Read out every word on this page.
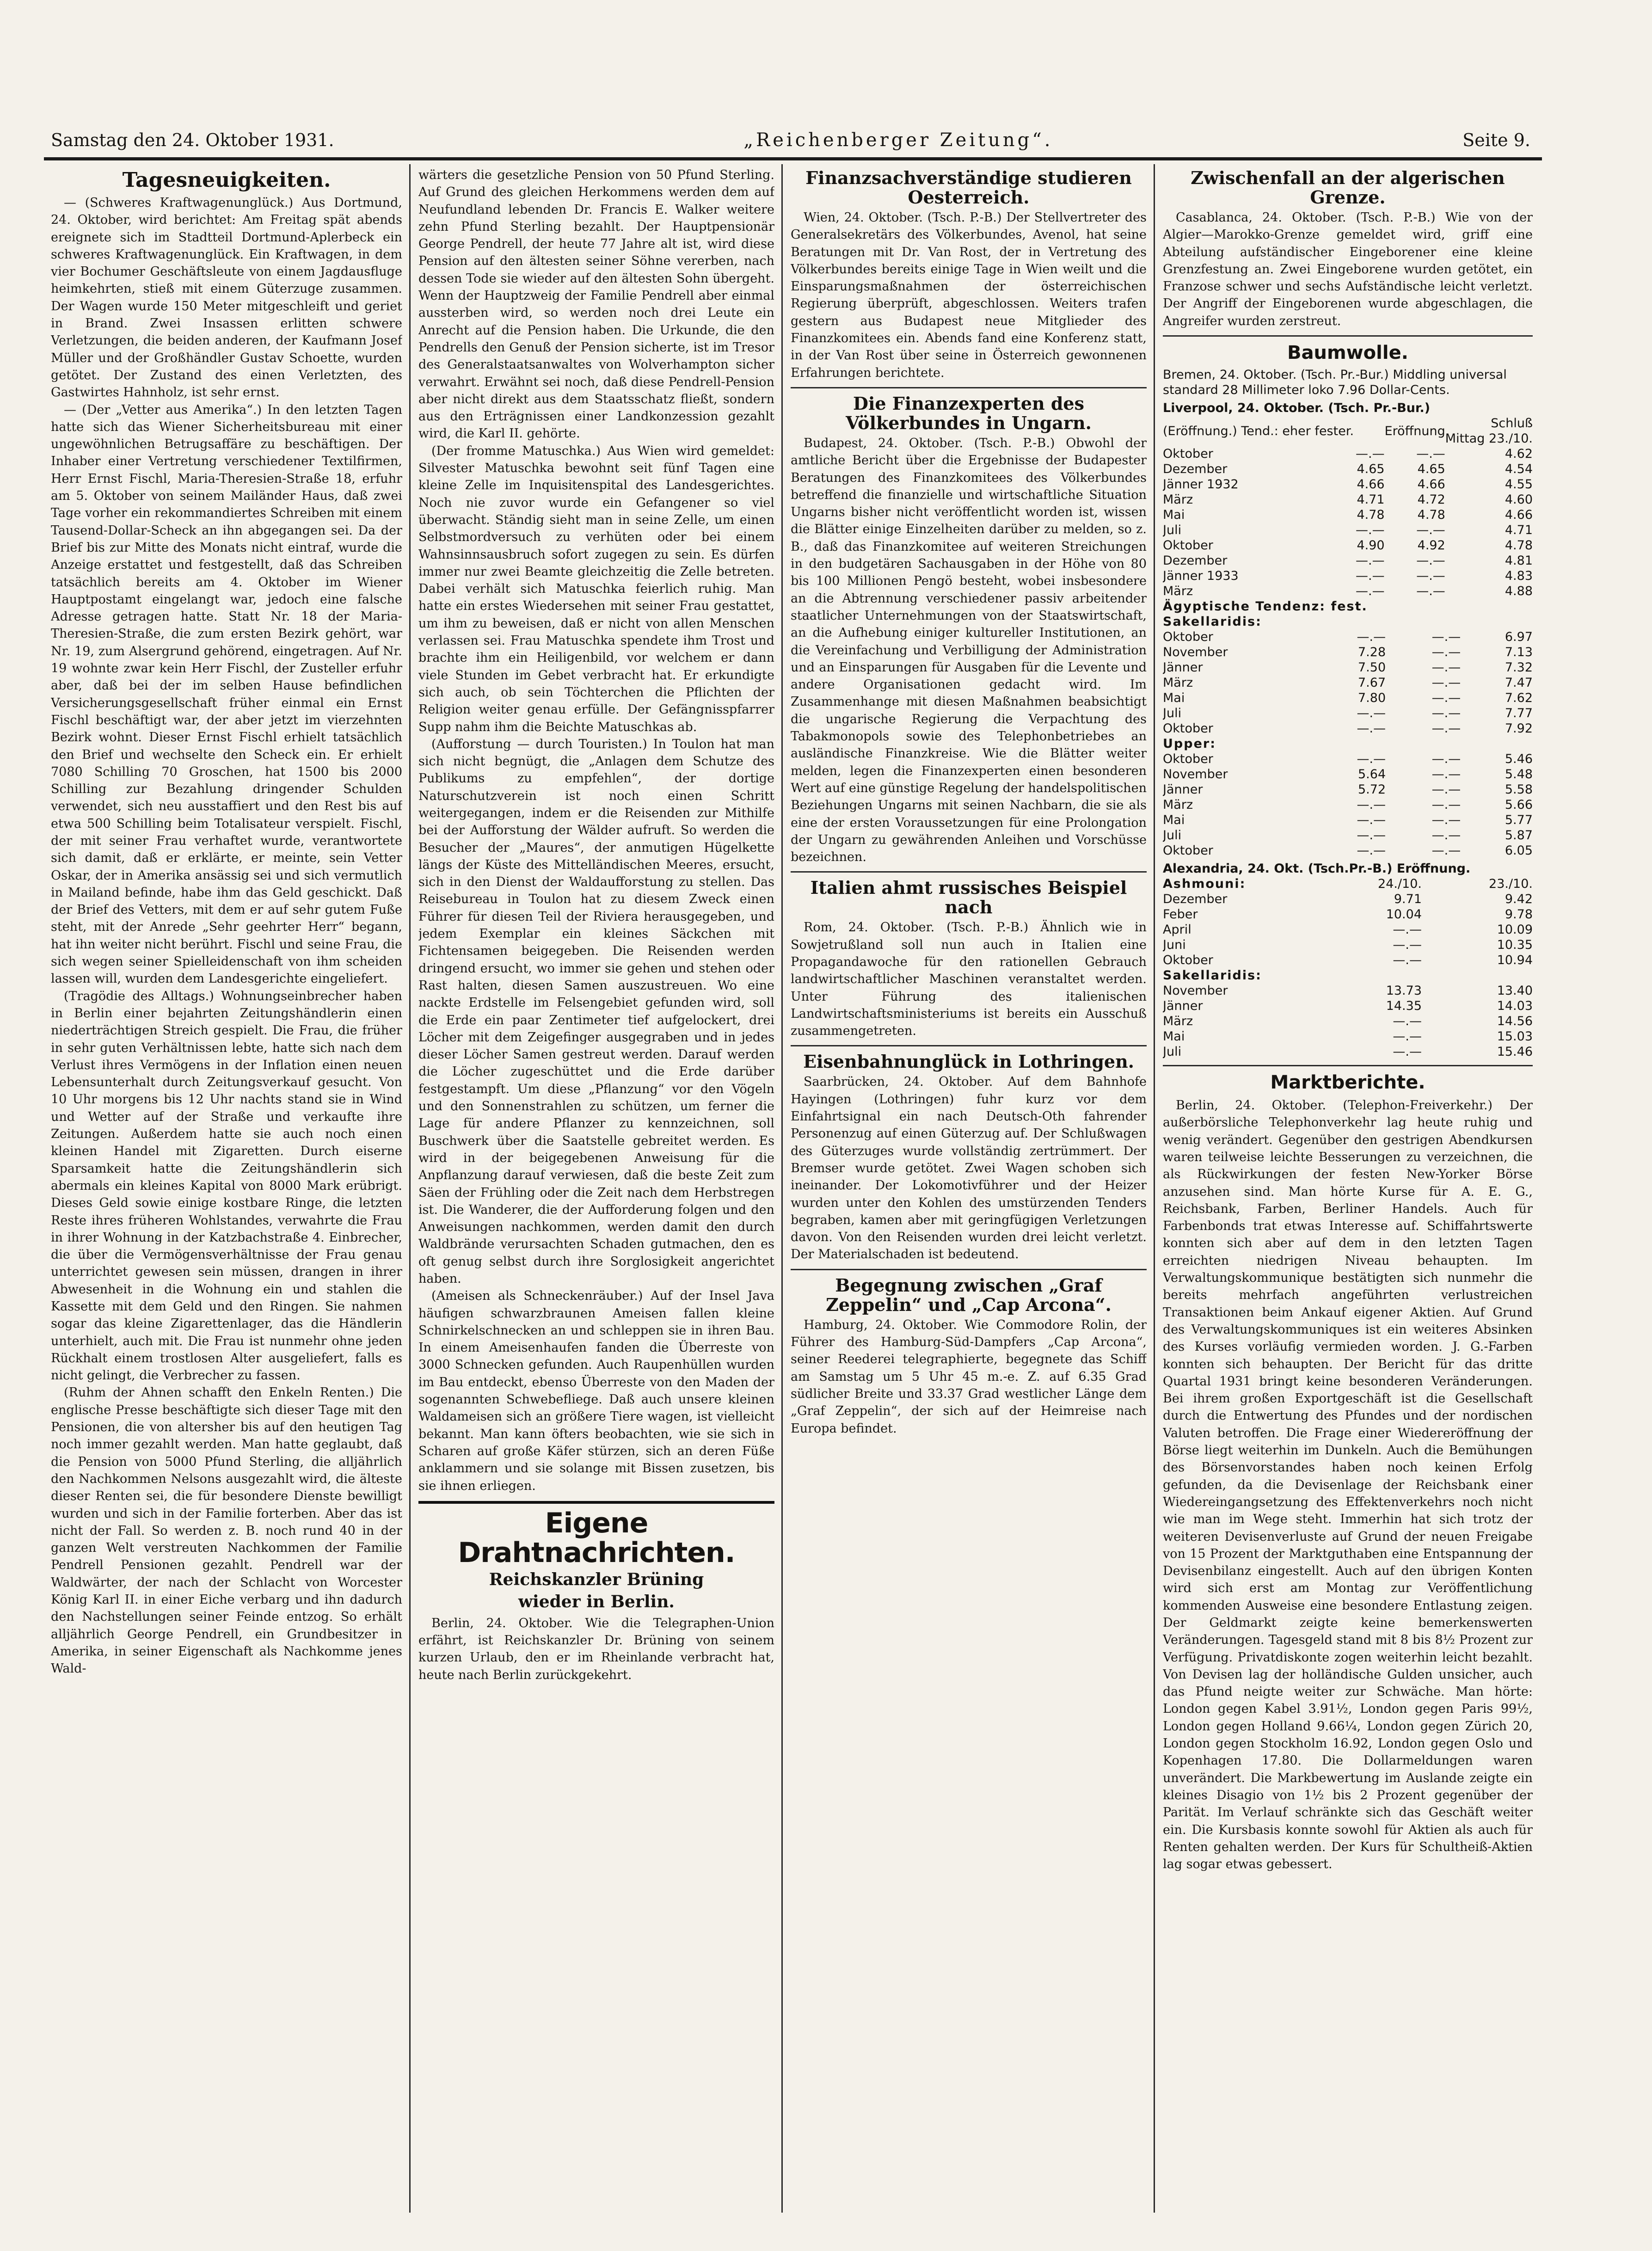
Samstag den 24. Oktober 1931.	„Reichenberger Zeitung“.	Seite 9.
Tagesneuigkeiten.

— (Schweres Kraftwagenunglück.) Aus Dortmund, 24. Oktober, wird berichtet: Am Freitag spät abends ereignete sich im Stadtteil Dortmund-Aplerbeck ein schweres Kraftwagenunglück. Ein Kraftwagen, in dem vier Bochumer Geschäftsleute von einem Jagdausfluge heimkehrten, stieß mit einem Güterzuge zusammen. Der Wagen wurde 150 Meter mitgeschleift und geriet in Brand. Zwei Insassen erlitten schwere Verletzungen, die beiden anderen, der Kaufmann Josef Müller und der Großhändler Gustav Schoette, wurden getötet. Der Zustand des einen Verletzten, des Gastwirtes Hahnholz, ist sehr ernst.

— (Der „Vetter aus Amerika“.) In den letzten Tagen hatte sich das Wiener Sicherheitsbureau mit einer ungewöhnlichen Betrugsaffäre zu beschäftigen. Der Inhaber einer Vertretung verschiedener Textilfirmen, Herr Ernst Fischl, Maria-Theresien-Straße 18, erfuhr am 5. Oktober von seinem Mailänder Haus, daß zwei Tage vorher ein rekommandiertes Schreiben mit einem Tausend-Dollar-Scheck an ihn abgegangen sei. Da der Brief bis zur Mitte des Monats nicht eintraf, wurde die Anzeige erstattet und festgestellt, daß das Schreiben tatsächlich bereits am 4. Oktober im Wiener Hauptpostamt eingelangt war, jedoch eine falsche Adresse getragen hatte. Statt Nr. 18 der Maria-Theresien-Straße, die zum ersten Bezirk gehört, war Nr. 19, zum Alsergrund gehörend, eingetragen. Auf Nr. 19 wohnte zwar kein Herr Fischl, der Zusteller erfuhr aber, daß bei der im selben Hause befindlichen Versicherungsgesellschaft früher einmal ein Ernst Fischl beschäftigt war, der aber jetzt im vierzehnten Bezirk wohnt. Dieser Ernst Fischl erhielt tatsächlich den Brief und wechselte den Scheck ein. Er erhielt 7080 Schilling 70 Groschen, hat 1500 bis 2000 Schilling zur Bezahlung dringender Schulden verwendet, sich neu ausstaffiert und den Rest bis auf etwa 500 Schilling beim Totalisateur verspielt. Fischl, der mit seiner Frau verhaftet wurde, verantwortete sich damit, daß er erklärte, er meinte, sein Vetter Oskar, der in Amerika ansässig sei und sich vermutlich in Mailand befinde, habe ihm das Geld geschickt. Daß der Brief des Vetters, mit dem er auf sehr gutem Fuße steht, mit der Anrede „Sehr geehrter Herr“ begann, hat ihn weiter nicht berührt. Fischl und seine Frau, die sich wegen seiner Spielleidenschaft von ihm scheiden lassen will, wurden dem Landesgerichte eingeliefert.

(Tragödie des Alltags.) Wohnungseinbrecher haben in Berlin einer bejahrten Zeitungshändlerin einen niederträchtigen Streich gespielt. Die Frau, die früher in sehr guten Verhältnissen lebte, hatte sich nach dem Verlust ihres Vermögens in der Inflation einen neuen Lebensunterhalt durch Zeitungsverkauf gesucht. Von 10 Uhr morgens bis 12 Uhr nachts stand sie in Wind und Wetter auf der Straße und verkaufte ihre Zeitungen. Außerdem hatte sie auch noch einen kleinen Handel mit Zigaretten. Durch eiserne Sparsamkeit hatte die Zeitungshändlerin sich abermals ein kleines Kapital von 8000 Mark erübrigt. Dieses Geld sowie einige kostbare Ringe, die letzten Reste ihres früheren Wohlstandes, verwahrte die Frau in ihrer Wohnung in der Katzbachstraße 4. Einbrecher, die über die Vermögensverhältnisse der Frau genau unterrichtet gewesen sein müssen, drangen in ihrer Abwesenheit in die Wohnung ein und stahlen die Kassette mit dem Geld und den Ringen. Sie nahmen sogar das kleine Zigarettenlager, das die Händlerin unterhielt, auch mit. Die Frau ist nunmehr ohne jeden Rückhalt einem trostlosen Alter ausgeliefert, falls es nicht gelingt, die Verbrecher zu fassen.

(Ruhm der Ahnen schafft den Enkeln Renten.) Die englische Presse beschäftigte sich dieser Tage mit den Pensionen, die von altersher bis auf den heutigen Tag noch immer gezahlt werden. Man hatte geglaubt, daß die Pension von 5000 Pfund Sterling, die alljährlich den Nachkommen Nelsons ausgezahlt wird, die älteste dieser Renten sei, die für besondere Dienste bewilligt wurden und sich in der Familie forterben. Aber das ist nicht der Fall. So werden z. B. noch rund 40 in der ganzen Welt verstreuten Nachkommen der Familie Pendrell Pensionen gezahlt. Pendrell war der Waldwärter, der nach der Schlacht von Worcester König Karl II. in einer Eiche verbarg und ihn dadurch den Nachstellungen seiner Feinde entzog. So erhält alljährlich George Pendrell, ein Grundbesitzer in Amerika, in seiner Eigenschaft als Nachkomme jenes Wald-

wärters die gesetzliche Pension von 50 Pfund Sterling. Auf Grund des gleichen Herkommens werden dem auf Neufundland lebenden Dr. Francis E. Walker weitere zehn Pfund Sterling bezahlt. Der Hauptpensionär George Pendrell, der heute 77 Jahre alt ist, wird diese Pension auf den ältesten seiner Söhne vererben, nach dessen Tode sie wieder auf den ältesten Sohn übergeht. Wenn der Hauptzweig der Familie Pendrell aber einmal aussterben wird, so werden noch drei Leute ein Anrecht auf die Pension haben. Die Urkunde, die den Pendrells den Genuß der Pension sicherte, ist im Tresor des Generalstaatsanwaltes von Wolverhampton sicher verwahrt. Erwähnt sei noch, daß diese Pendrell-Pension aber nicht direkt aus dem Staatsschatz fließt, sondern aus den Erträgnissen einer Landkonzession gezahlt wird, die Karl II. gehörte.

(Der fromme Matuschka.) Aus Wien wird gemeldet: Silvester Matuschka bewohnt seit fünf Tagen eine kleine Zelle im Inquisitenspital des Landesgerichtes. Noch nie zuvor wurde ein Gefangener so viel überwacht. Ständig sieht man in seine Zelle, um einen Selbstmordversuch zu verhüten oder bei einem Wahnsinnsausbruch sofort zugegen zu sein. Es dürfen immer nur zwei Beamte gleichzeitig die Zelle betreten. Dabei verhält sich Matuschka feierlich ruhig. Man hatte ein erstes Wiedersehen mit seiner Frau gestattet, um ihm zu beweisen, daß er nicht von allen Menschen verlassen sei. Frau Matuschka spendete ihm Trost und brachte ihm ein Heiligenbild, vor welchem er dann viele Stunden im Gebet verbracht hat. Er erkundigte sich auch, ob sein Töchterchen die Pflichten der Religion weiter genau erfülle. Der Gefängnisspfarrer Supp nahm ihm die Beichte Matuschkas ab.

(Aufforstung — durch Touristen.) In Toulon hat man sich nicht begnügt, die „Anlagen dem Schutze des Publikums zu empfehlen“, der dortige Naturschutzverein ist noch einen Schritt weitergegangen, indem er die Reisenden zur Mithilfe bei der Aufforstung der Wälder aufruft. So werden die Besucher der „Maures“, der anmutigen Hügelkette längs der Küste des Mittelländischen Meeres, ersucht, sich in den Dienst der Waldaufforstung zu stellen. Das Reisebureau in Toulon hat zu diesem Zweck einen Führer für diesen Teil der Riviera herausgegeben, und jedem Exemplar ein kleines Säckchen mit Fichtensamen beigegeben. Die Reisenden werden dringend ersucht, wo immer sie gehen und stehen oder Rast halten, diesen Samen auszustreuen. Wo eine nackte Erdstelle im Felsengebiet gefunden wird, soll die Erde ein paar Zentimeter tief aufgelockert, drei Löcher mit dem Zeigefinger ausgegraben und in jedes dieser Löcher Samen gestreut werden. Darauf werden die Löcher zugeschüttet und die Erde darüber festgestampft. Um diese „Pflanzung“ vor den Vögeln und den Sonnenstrahlen zu schützen, um ferner die Lage für andere Pflanzer zu kennzeichnen, soll Buschwerk über die Saatstelle gebreitet werden. Es wird in der beigegebenen Anweisung für die Anpflanzung darauf verwiesen, daß die beste Zeit zum Säen der Frühling oder die Zeit nach dem Herbstregen ist. Die Wanderer, die der Aufforderung folgen und den Anweisungen nachkommen, werden damit den durch Waldbrände verursachten Schaden gutmachen, den es oft genug selbst durch ihre Sorglosigkeit angerichtet haben.

(Ameisen als Schneckenräuber.) Auf der Insel Java häufigen schwarzbraunen Ameisen fallen kleine Schnirkelschnecken an und schleppen sie in ihren Bau. In einem Ameisenhaufen fanden die Überreste von 3000 Schnecken gefunden. Auch Raupenhüllen wurden im Bau entdeckt, ebenso Überreste von den Maden der sogenannten Schwebefliege. Daß auch unsere kleinen Waldameisen sich an größere Tiere wagen, ist vielleicht bekannt. Man kann öfters beobachten, wie sie sich in Scharen auf große Käfer stürzen, sich an deren Füße anklammern und sie solange mit Bissen zusetzen, bis sie ihnen erliegen.

Eigene Drahtnachrichten.
Reichskanzler Brüning
wieder in Berlin.

Berlin, 24. Oktober. Wie die Telegraphen-Union erfährt, ist Reichskanzler Dr. Brüning von seinem kurzen Urlaub, den er im Rheinlande verbracht hat, heute nach Berlin zurückgekehrt.

Finanzsachverständige studieren Oesterreich.

Wien, 24. Oktober. (Tsch. P.-B.) Der Stellvertreter des Generalsekretärs des Völkerbundes, Avenol, hat seine Beratungen mit Dr. Van Rost, der in Vertretung des Völkerbundes bereits einige Tage in Wien weilt und die Einsparungsmaßnahmen der österreichischen Regierung überprüft, abgeschlossen. Weiters trafen gestern aus Budapest neue Mitglieder des Finanzkomitees ein. Abends fand eine Konferenz statt, in der Van Rost über seine in Österreich gewonnenen Erfahrungen berichtete.

Die Finanzexperten des Völkerbundes in Ungarn.

Budapest, 24. Oktober. (Tsch. P.-B.) Obwohl der amtliche Bericht über die Ergebnisse der Budapester Beratungen des Finanzkomitees des Völkerbundes betreffend die finanzielle und wirtschaftliche Situation Ungarns bisher nicht veröffentlicht worden ist, wissen die Blätter einige Einzelheiten darüber zu melden, so z. B., daß das Finanzkomitee auf weiteren Streichungen in den budgetären Sachausgaben in der Höhe von 80 bis 100 Millionen Pengö besteht, wobei insbesondere an die Abtrennung verschiedener passiv arbeitender staatlicher Unternehmungen von der Staatswirtschaft, an die Aufhebung einiger kultureller Institutionen, an die Vereinfachung und Verbilligung der Administration und an Einsparungen für Ausgaben für die Levente und andere Organisationen gedacht wird. Im Zusammenhange mit diesen Maßnahmen beabsichtigt die ungarische Regierung die Verpachtung des Tabakmonopols sowie des Telephonbetriebes an ausländische Finanzkreise. Wie die Blätter weiter melden, legen die Finanzexperten einen besonderen Wert auf eine günstige Regelung der handelspolitischen Beziehungen Ungarns mit seinen Nachbarn, die sie als eine der ersten Voraussetzungen für eine Prolongation der Ungarn zu gewährenden Anleihen und Vorschüsse bezeichnen.

Italien ahmt russisches Beispiel nach

Rom, 24. Oktober. (Tsch. P.-B.) Ähnlich wie in Sowjetrußland soll nun auch in Italien eine Propagandawoche für den rationellen Gebrauch landwirtschaftlicher Maschinen veranstaltet werden. Unter Führung des italienischen Landwirtschaftsministeriums ist bereits ein Ausschuß zusammengetreten.

Eisenbahnunglück in Lothringen.

Saarbrücken, 24. Oktober. Auf dem Bahnhofe Hayingen (Lothringen) fuhr kurz vor dem Einfahrtsignal ein nach Deutsch-Oth fahrender Personenzug auf einen Güterzug auf. Der Schlußwagen des Güterzuges wurde vollständig zertrümmert. Der Bremser wurde getötet. Zwei Wagen schoben sich ineinander. Der Lokomotivführer und der Heizer wurden unter den Kohlen des umstürzenden Tenders begraben, kamen aber mit geringfügigen Verletzungen davon. Von den Reisenden wurden drei leicht verletzt. Der Materialschaden ist bedeutend.

Begegnung zwischen „Graf Zeppelin“ und „Cap Arcona“.

Hamburg, 24. Oktober. Wie Commodore Rolin, der Führer des Hamburg-Süd-Dampfers „Cap Arcona“, seiner Reederei telegraphierte, begegnete das Schiff am Samstag um 5 Uhr 45 m.-e. Z. auf 6.35 Grad südlicher Breite und 33.37 Grad westlicher Länge dem „Graf Zeppelin“, der sich auf der Heimreise nach Europa befindet.

Zwischenfall an der algerischen Grenze.

Casablanca, 24. Oktober. (Tsch. P.-B.) Wie von der Algier—Marokko-Grenze gemeldet wird, griff eine Abteilung aufständischer Eingeborener eine kleine Grenzfestung an. Zwei Eingeborene wurden getötet, ein Franzose schwer und sechs Aufständische leicht verletzt. Der Angriff der Eingeborenen wurde abgeschlagen, die Angreifer wurden zerstreut.

Baumwolle.
Bremen, 24. Oktober. (Tsch. Pr.-Bur.) Middling universal standard 28 Millimeter loko 7.96 Dollar-Cents.
Liverpool, 24. Oktober. (Tsch. Pr.-Bur.)			
(Eröffnung.) Tend.: eher fester.		Eröffnung	Schluß
Mittag 23./10.
Oktober	—.—	—.—	4.62
Dezember	4.65	4.65	4.54
Jänner 1932	4.66	4.66	4.55
März	4.71	4.72	4.60
Mai	4.78	4.78	4.66
Juli	—.—	—.—	4.71
Oktober	4.90	4.92	4.78
Dezember	—.—	—.—	4.81
Jänner 1933	—.—	—.—	4.83
März	—.—	—.—	4.88
Ägyptische Tendenz: fest.
Sakellaridis:
Oktober	—.—	—.—	6.97
November	7.28	—.—	7.13
Jänner	7.50	—.—	7.32
März	7.67	—.—	7.47
Mai	7.80	—.—	7.62
Juli	—.—	—.—	7.77
Oktober	—.—	—.—	7.92
Upper:
Oktober	—.—	—.—	5.46
November	5.64	—.—	5.48
Jänner	5.72	—.—	5.58
März	—.—	—.—	5.66
Mai	—.—	—.—	5.77
Juli	—.—	—.—	5.87
Oktober	—.—	—.—	6.05
Alexandria, 24. Okt. (Tsch.Pr.-B.) Eröffnung.
Ashmouni:	24./10.	23./10.
Dezember	9.71	9.42
Feber	10.04	9.78
April	—.—	10.09
Juni	—.—	10.35
Oktober	—.—	10.94
Sakellaridis:
November	13.73	13.40
Jänner	14.35	14.03
März	—.—	14.56
Mai	—.—	15.03
Juli	—.—	15.46
Marktberichte.

Berlin, 24. Oktober. (Telephon-Freiverkehr.) Der außerbörsliche Telephonverkehr lag heute ruhig und wenig verändert. Gegenüber den gestrigen Abendkursen waren teilweise leichte Besserungen zu verzeichnen, die als Rückwirkungen der festen New-Yorker Börse anzusehen sind. Man hörte Kurse für A. E. G., Reichsbank, Farben, Berliner Handels. Auch für Farbenbonds trat etwas Interesse auf. Schiffahrtswerte konnten sich aber auf dem in den letzten Tagen erreichten niedrigen Niveau behaupten. Im Verwaltungskommunique bestätigten sich nunmehr die bereits mehrfach angeführten verlustreichen Transaktionen beim Ankauf eigener Aktien. Auf Grund des Verwaltungskommuniques ist ein weiteres Absinken des Kurses vorläufig vermieden worden. J. G.-Farben konnten sich behaupten. Der Bericht für das dritte Quartal 1931 bringt keine besonderen Veränderungen. Bei ihrem großen Exportgeschäft ist die Gesellschaft durch die Entwertung des Pfundes und der nordischen Valuten betroffen. Die Frage einer Wiedereröffnung der Börse liegt weiterhin im Dunkeln. Auch die Bemühungen des Börsenvorstandes haben noch keinen Erfolg gefunden, da die Devisenlage der Reichsbank einer Wiedereingangsetzung des Effektenverkehrs noch nicht wie man im Wege steht. Immerhin hat sich trotz der weiteren Devisenverluste auf Grund der neuen Freigabe von 15 Prozent der Marktguthaben eine Entspannung der Devisenbilanz eingestellt. Auch auf den übrigen Konten wird sich erst am Montag zur Veröffentlichung kommenden Ausweise eine besondere Entlastung zeigen. Der Geldmarkt zeigte keine bemerkenswerten Veränderungen. Tagesgeld stand mit 8 bis 8½ Prozent zur Verfügung. Privatdiskonte zogen weiterhin leicht bezahlt. Von Devisen lag der holländische Gulden unsicher, auch das Pfund neigte weiter zur Schwäche. Man hörte: London gegen Kabel 3.91½, London gegen Paris 99½, London gegen Holland 9.66¼, London gegen Zürich 20, London gegen Stockholm 16.92, London gegen Oslo und Kopenhagen 17.80. Die Dollarmeldungen waren unverändert. Die Markbewertung im Auslande zeigte ein kleines Disagio von 1½ bis 2 Prozent gegenüber der Parität. Im Verlauf schränkte sich das Geschäft weiter ein. Die Kursbasis konnte sowohl für Aktien als auch für Renten gehalten werden. Der Kurs für Schultheiß-Aktien lag sogar etwas gebessert.
